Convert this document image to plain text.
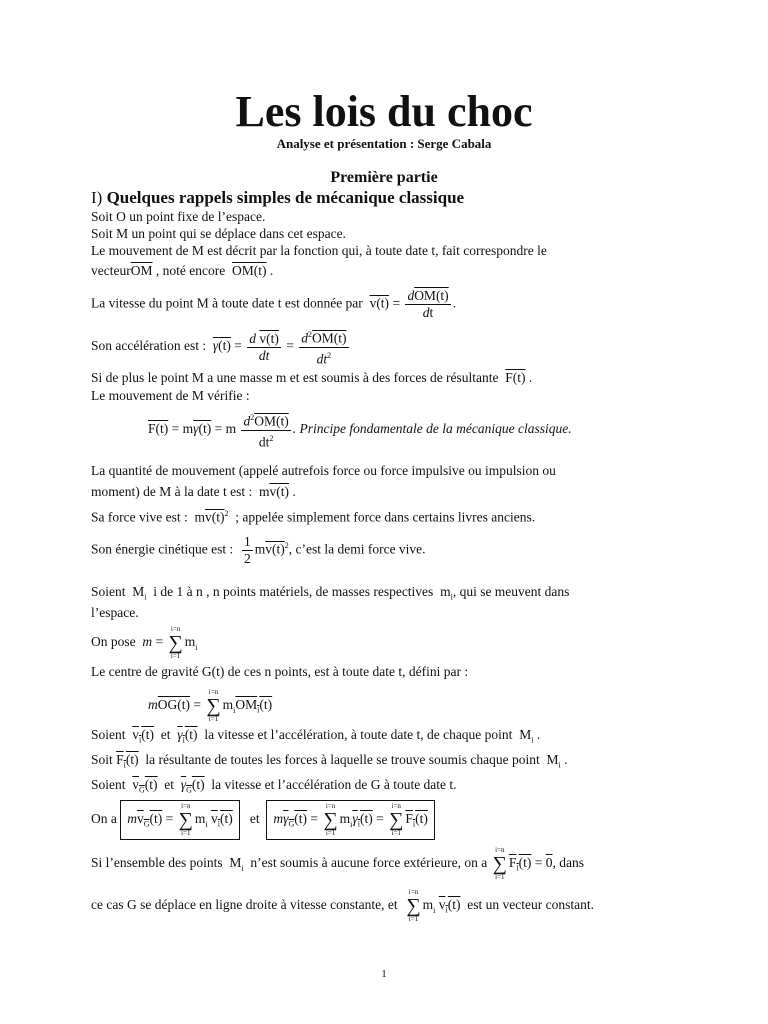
Les lois du choc
Analyse et présentation : Serge Cabala
Première partie
I) Quelques rappels simples de mécanique classique
Soit O un point fixe de l’espace.
Soit M un point qui se déplace dans cet espace.
Le mouvement de M est décrit par la fonction qui, à toute date t, fait correspondre le
$vecteur\overline{OM}$ , noté encore OM(t) .
La vitesse du point M à toute date t est donnée par $v(t) = \frac{\text{dOM(t)}}{dt}$ .
Son accélération est : $\gamma(t) = \frac{\text{d v(t)}}{dt} = \frac{d^2OM(t)}{dt^2}$
Si de plus le point M a une masse m et est soumis à des forces de résultante F(t) .
Le mouvement de M vérifie :
F(t) = mγ(t) = m $\frac{d^2OM(t)}{dt^2}$ . Principe fondamentale de la mécanique classique.
La quantité de mouvement (appelé autrefois force ou force impulsive ou impulsion ou
moment) de M à la date t est :  mv(t) .
Sa force vive est :  $mv(t)^2$ ; appelée simplement force dans certains livres anciens.
Son énergie cinétique est : $\frac{1}{2} mv(t)^2$, c’est la demi force vive.
Soient  $M_i$ i de 1 à n , n points matériels, de masses respectives  $m_i$, qui se meuvent dans
l’espace.
On pose m =
i=n
∑
i=1
$m_i$
Le centre de gravité G(t) de ces n points, est à toute date t, défini par :
mOG(t) =
i=n
∑
i=1
$m_iOM_i(t)$
Soient $v_i(t)$  et  $\gamma_i(t)$ la vitesse et l’accélération, à toute date t, de chaque point  $M_i$ .
Soit $F_i(t)$ la résultante de toutes les forces à laquelle se trouve soumis chaque point  $M_i$ .
Soient  $v_G(t)$  et  $\gamma_G(t)$ la vitesse et l’accélération de G à toute date t.
On a $mv_G(t)$ =
i=n
∑
i=1
$m_i$ $v_i(t)$ et $m\gamma_G(t)$ =
i=n
∑
i=1
$m_i\gamma_i(t)$ =
i=n
∑
i=1
$F_i(t)$
Si l’ensemble des points  $M_i$ n’est soumis à aucune force extérieure, on a
i=n
∑
i=1
$F_i(t) = 0$, dans
ce cas G se déplace en ligne droite à vitesse constante, et
i=n
∑
i=1
$m_i$ $v_i(t)$ est un vecteur constant.
1
